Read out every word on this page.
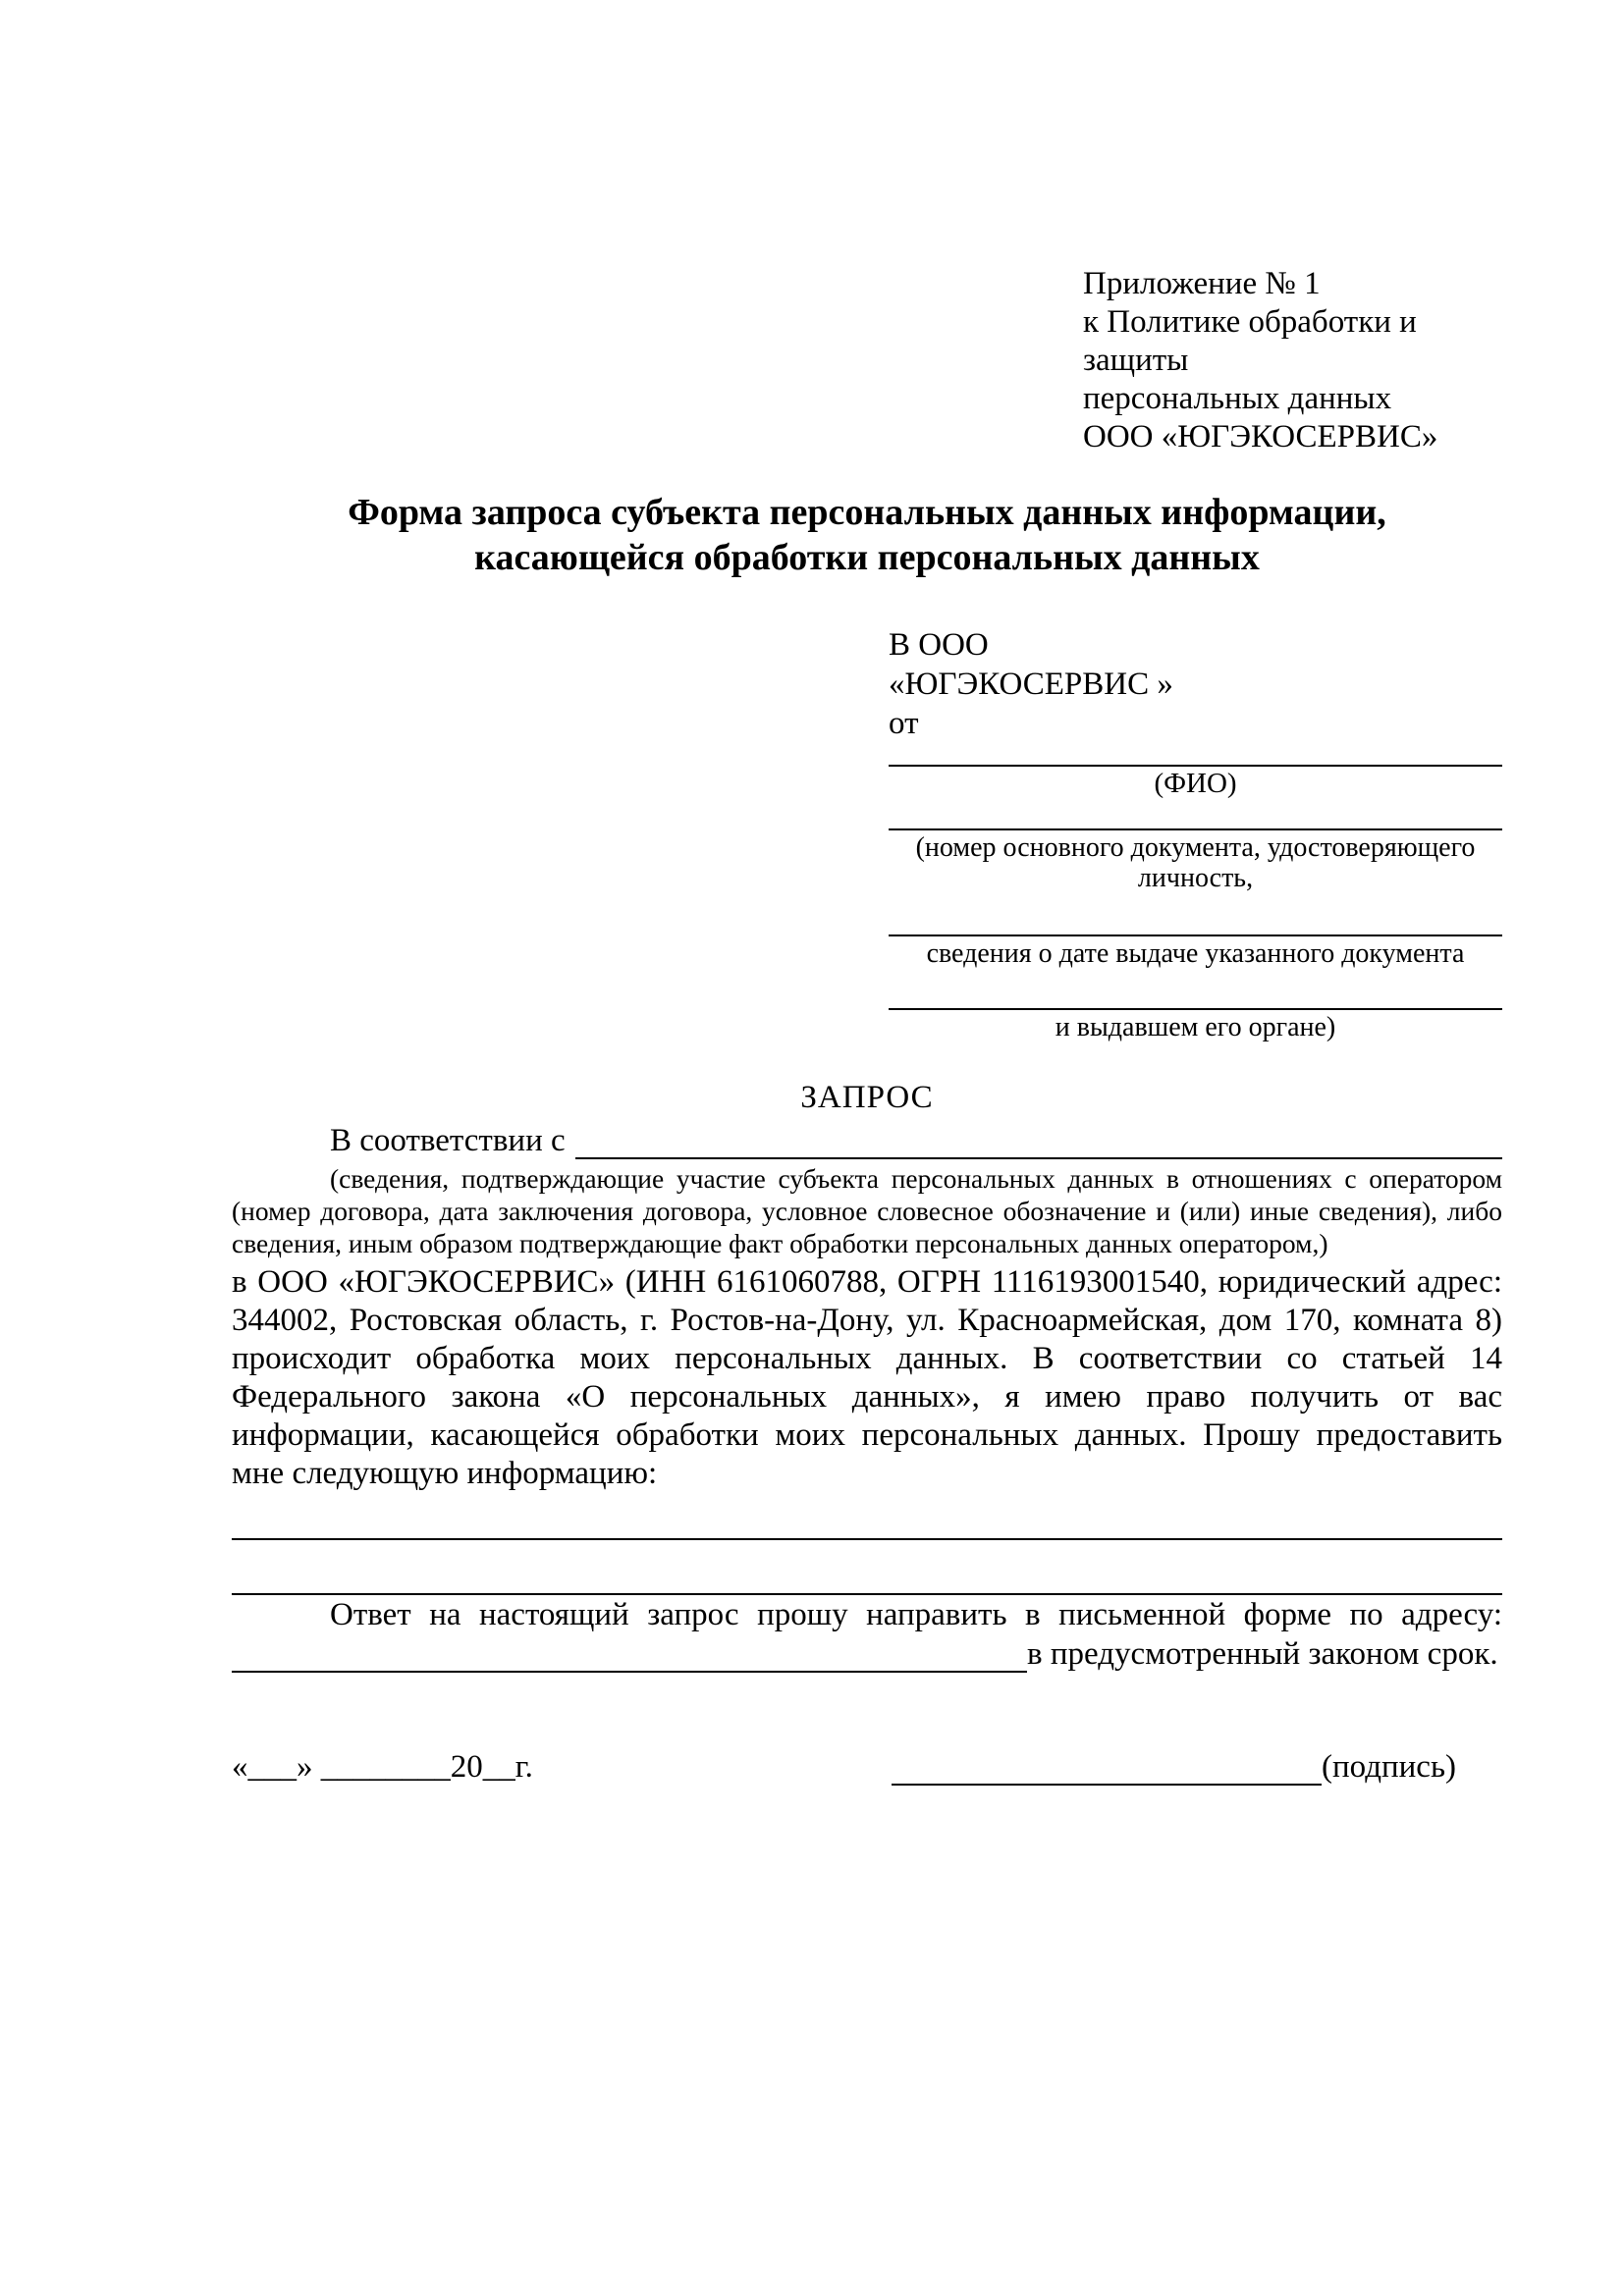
Приложение № 1
к Политике обработки и защиты
персональных данных
ООО «ЮГЭКОСЕРВИС»
Форма запроса субъекта персональных данных информации,
касающейся обработки персональных данных
В ООО
«ЮГЭКОСЕРВИС »
от
(ФИО)
(номер основного документа, удостоверяющего личность,
сведения о дате выдаче указанного документа
и выдавшем его органе)
ЗАПРОС
В соответствии с
(сведения, подтверждающие участие субъекта персональных данных в отношениях с оператором (номер договора, дата заключения договора, условное словесное обозначение и (или) иные сведения), либо сведения, иным образом подтверждающие факт обработки персональных данных оператором,)
в ООО «ЮГЭКОСЕРВИС» (ИНН 6161060788, ОГРН 1116193001540, юридический адрес: 344002, Ростовская область, г. Ростов-на-Дону, ул. Красноармейская, дом 170, комната 8) происходит обработка моих персональных данных. В соответствии со статьей 14 Федерального закона «О персональных данных», я имею право получить от вас информации, касающейся обработки моих персональных данных. Прошу предоставить мне следующую информацию:
Ответ на настоящий запрос прошу направить в письменной форме по адресу:
в предусмотренный законом срок.
«___» ________20__г.	(подпись)
